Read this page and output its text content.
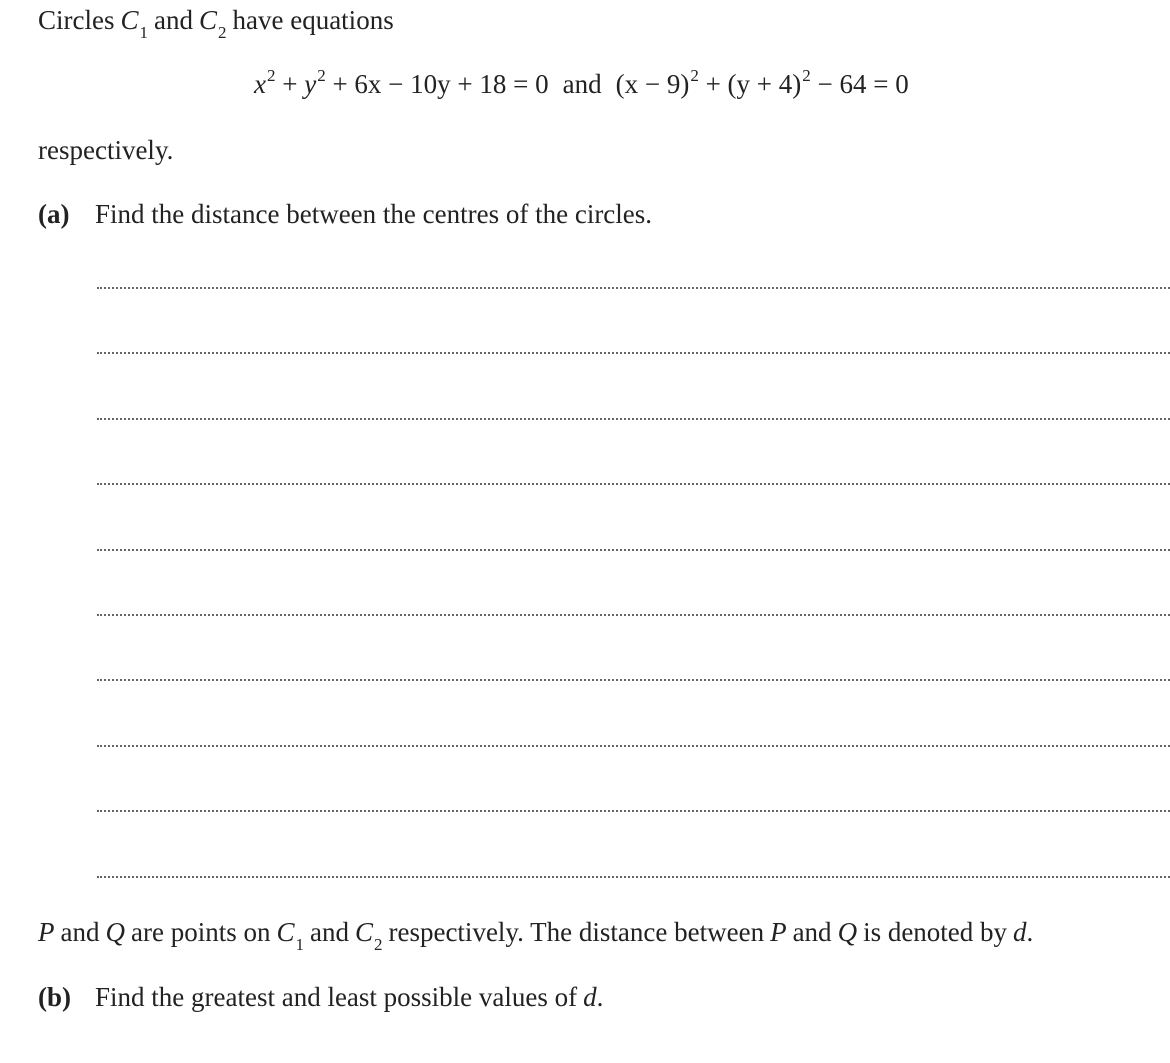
Circles $C_1$ and $C_2$ have equations
$x^2 + y^2 + 6x - 10y + 18 = 0$ and $(x - 9)^2 + (y + 4)^2 - 64 = 0$
respectively.
(a) Find the distance between the centres of the circles.
P and Q are points on $C_1$ and $C_2$ respectively. The distance between P and Q is denoted by d.
(b) Find the greatest and least possible values of d.
